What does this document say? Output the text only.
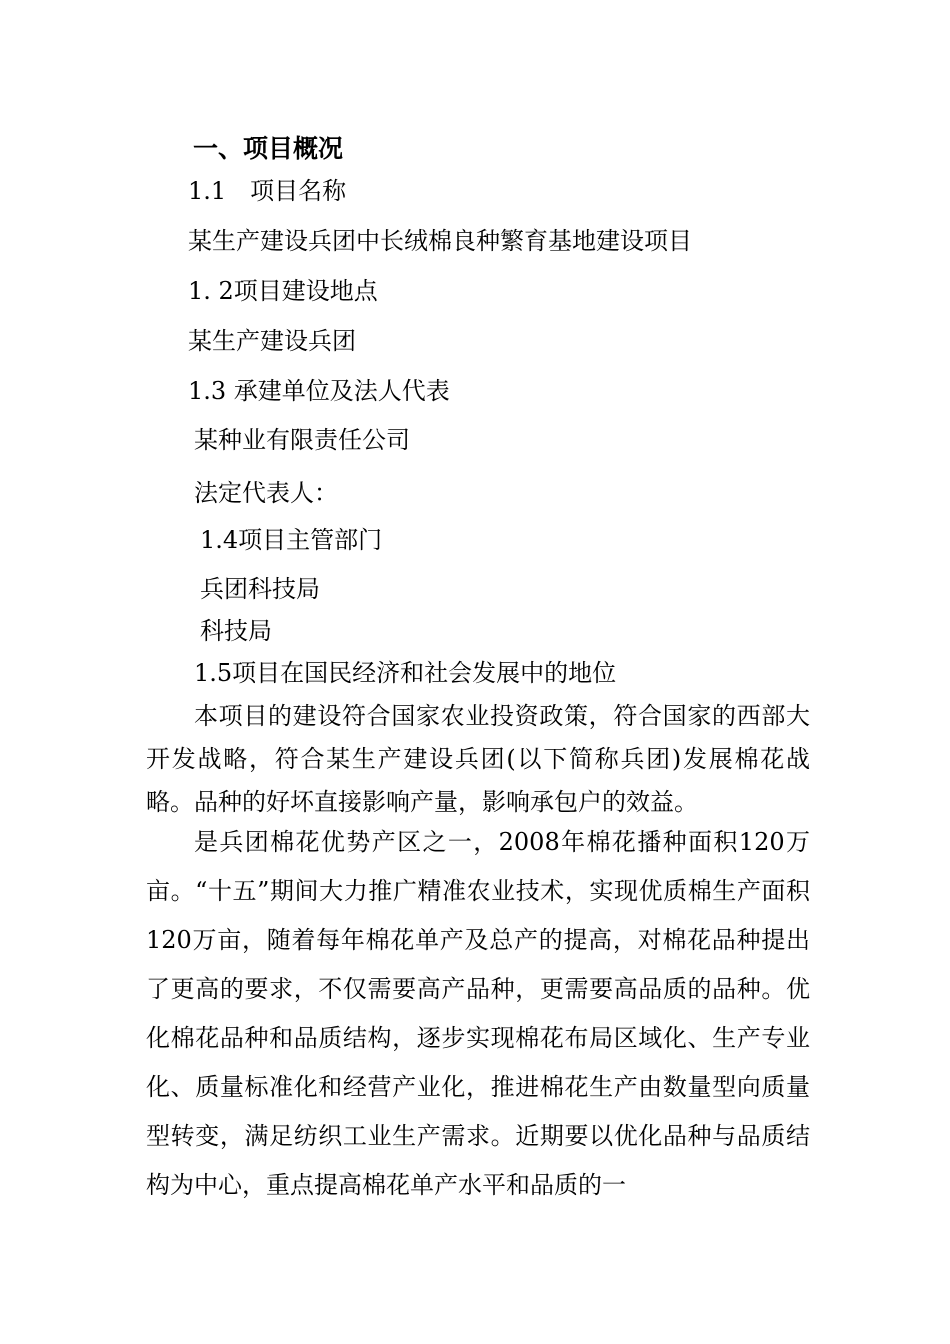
一、项目概况
1.1　项目名称
某生产建设兵团中长绒棉良种繁育基地建设项目
1. 2项目建设地点
某生产建设兵团
1.3 承建单位及法人代表
某种业有限责任公司
法定代表人：
1.4项目主管部门
兵团科技局
科技局
1.5项目在国民经济和社会发展中的地位

本项目的建设符合国家农业投资政策，符合国家的西部大开发战略，符合某生产建设兵团(以下简称兵团)发展棉花战略。品种的好坏直接影响产量，影响承包户的效益。

是兵团棉花优势产区之一，2008年棉花播种面积120万亩。“十五”期间大力推广精准农业技术，实现优质棉生产面积120万亩，随着每年棉花单产及总产的提高，对棉花品种提出了更高的要求，不仅需要高产品种，更需要高品质的品种。优化棉花品种和品质结构，逐步实现棉花布局区域化、生产专业化、质量标准化和经营产业化，推进棉花生产由数量型向质量型转变，满足纺织工业生产需求。近期要以优化品种与品质结构为中心，重点提高棉花单产水平和品质的一
